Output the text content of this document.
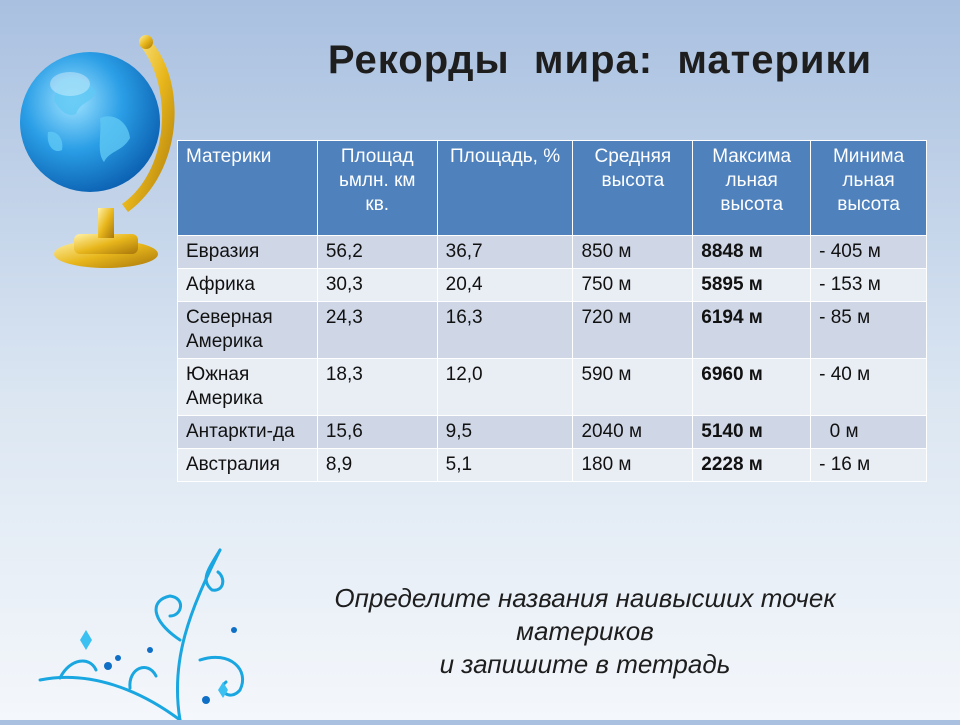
Рекорды  мира:  материки
Материки	Площад ьмлн. км кв.	Площадь, %	Средняя высота	Максима льная высота	Минима льная высота
Евразия	56,2	36,7	850 м	8848 м	- 405 м
Африка	30,3	20,4	750 м	5895 м	- 153 м
Северная Америка	24,3	16,3	720 м	6194 м	- 85 м
Южная Америка	18,3	12,0	590 м	6960 м	- 40 м
Антаркти-да	15,6	9,5	2040 м	5140 м	0 м
Австралия	8,9	5,1	180 м	2228 м	- 16 м
Определите названия наивысших точек
материков
и запишите в тетрадь
